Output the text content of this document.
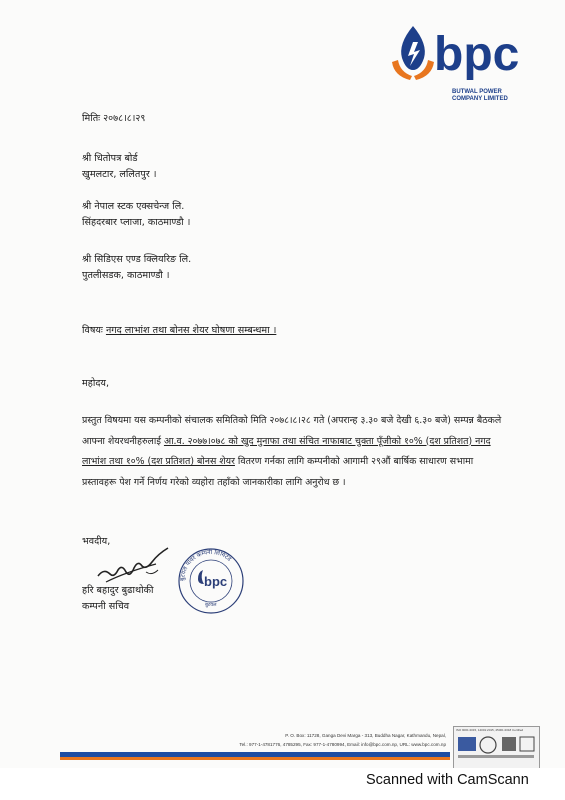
bpc
BUTWAL POWER
COMPANY LIMITED
मितिः २०७८।८।२९
श्री धितोपत्र बोर्ड
खुमलटार, ललितपुर ।
श्री नेपाल स्टक एक्सचेन्ज लि.
सिंहदरबार प्लाजा, काठमाण्डौ ।
श्री सिडिएस एण्ड क्लियरिङ लि.
पुतलीसडक, काठमाण्डौ ।
विषयः नगद लाभांश तथा बोनस शेयर घोषणा सम्बन्धमा ।
महोदय,
प्रस्तुत विषयमा यस कम्पनीको संचालक समितिको मिति २०७८।८।२८ गते (अपरान्ह ३.३० बजे देखी ६.३० बजे) सम्पन्न बैठकले आफ्ना शेयरधनीहरुलाई आ.व. २०७७।०७८ को खुद मुनाफा तथा संचित नाफाबाट चुक्ता पूँजीको १०% (दश प्रतिशत) नगद लाभांश तथा १०% (दश प्रतिशत) बोनस शेयर वितरण गर्नका लागि कम्पनीको आगामी २९औं बार्षिक साधारण सभामा प्रस्तावहरू पेश गर्ने निर्णय गरेको व्यहोरा तहाँको जानकारीका लागि अनुरोध छ ।
भवदीय,
हरि बहादुर बुढाथोकी
कम्पनी सचिव
बुटवल पावर कम्पनी लिमिटेड
bpc
बुटवल
P. O. Box: 11728, Ganga Devi Marga - 313, Buddha Nagar, Kathmandu, Nepal,
Tel.: 977-1-4781776, 4785295, Fax: 977-1-4780994, Email: info@bpc.com.np, URL: www.bpc.com.np
ISO 9001:2015, 14001:2015, 45001:2018 Certified
Scanned with CamScann
